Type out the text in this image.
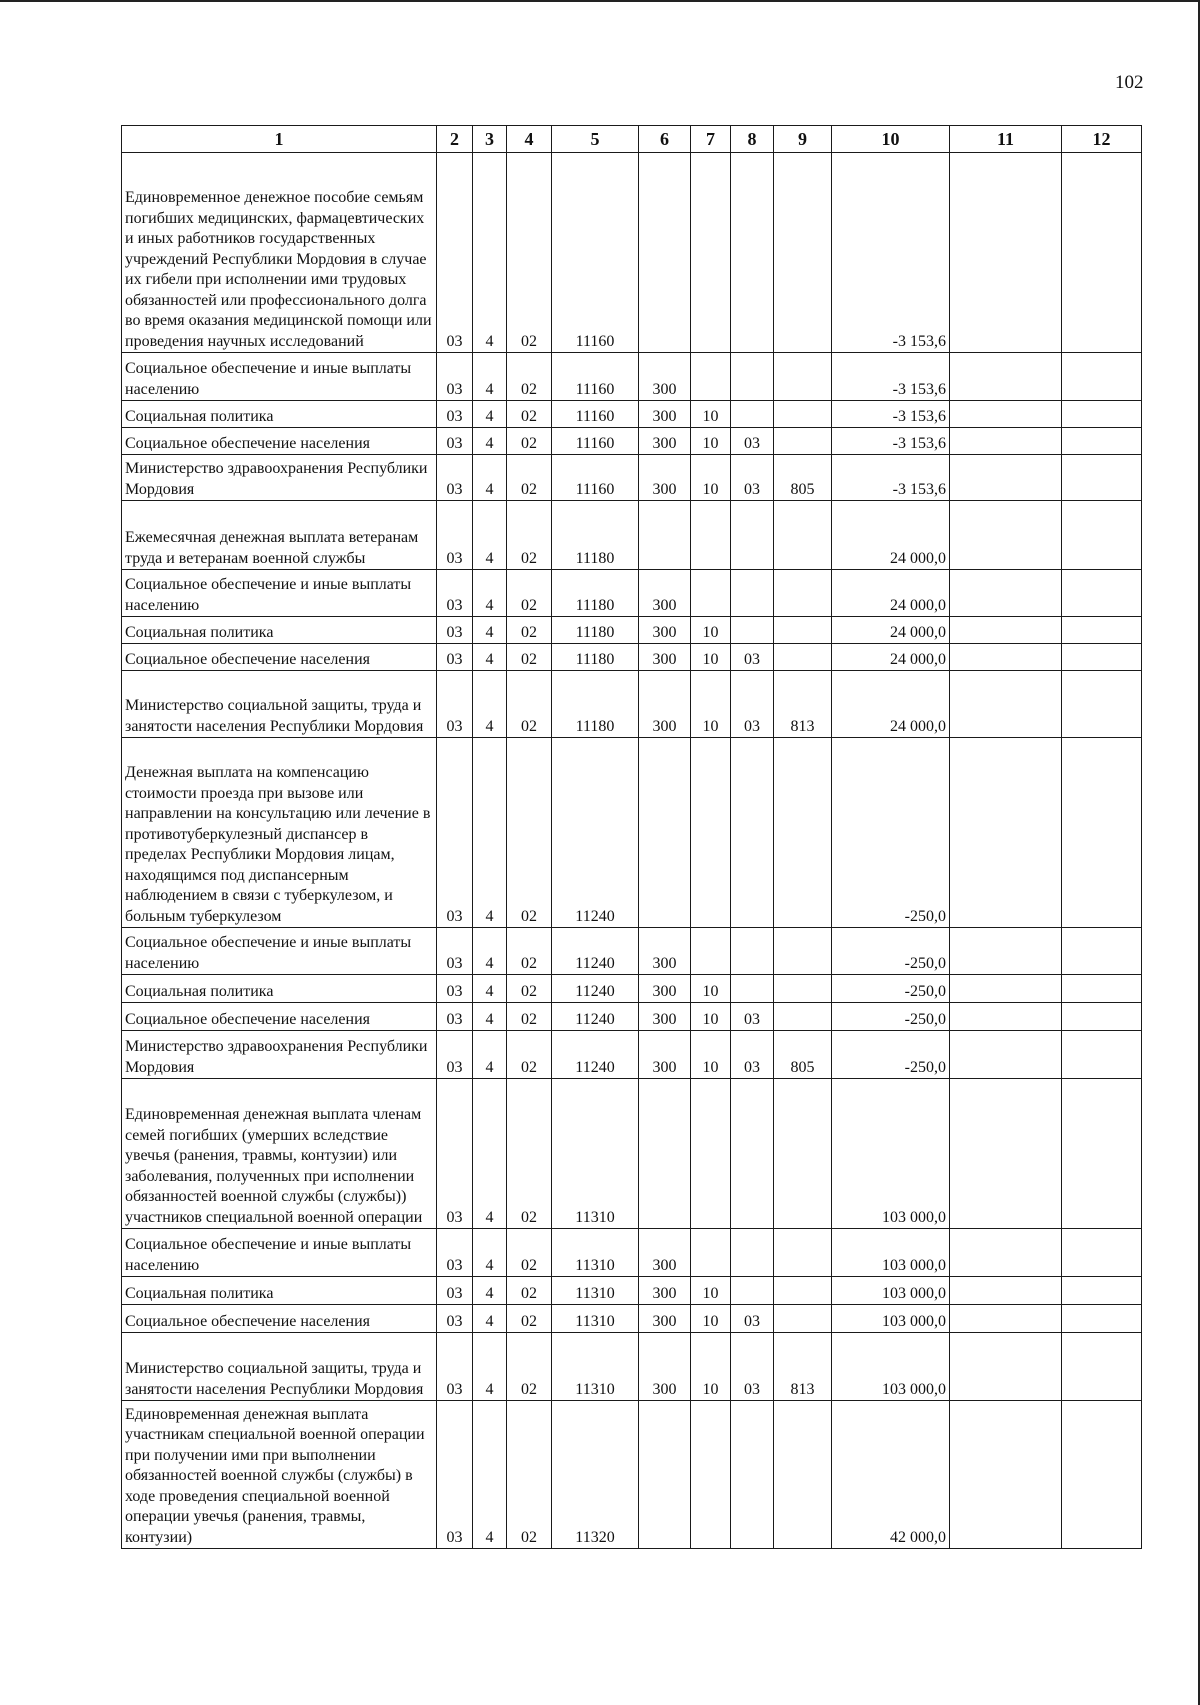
102
1	2	3	4	5	6	7	8	9	10	11	12
Единовременное денежное пособие семьям погибших медицинских, фармацевтических и иных работников государственных учреждений Республики Мордовия в случае их гибели при исполнении ими трудовых обязанностей или профессионального долга во время оказания медицинской помощи или проведения научных исследований	03	4	02	11160					-3 153,6		
Социальное обеспечение и иные выплаты населению	03	4	02	11160	300				-3 153,6		
Социальная политика	03	4	02	11160	300	10			-3 153,6		
Социальное обеспечение населения	03	4	02	11160	300	10	03		-3 153,6		
Министерство здравоохранения Республики Мордовия	03	4	02	11160	300	10	03	805	-3 153,6		
Ежемесячная денежная выплата ветеранам труда и ветеранам военной службы	03	4	02	11180					24 000,0		
Социальное обеспечение и иные выплаты населению	03	4	02	11180	300				24 000,0		
Социальная политика	03	4	02	11180	300	10			24 000,0		
Социальное обеспечение населения	03	4	02	11180	300	10	03		24 000,0		
Министерство социальной защиты, труда и занятости населения Республики Мордовия	03	4	02	11180	300	10	03	813	24 000,0		
Денежная выплата на компенсацию стоимости проезда при вызове или направлении на консультацию или лечение в противотуберкулезный диспансер в пределах Республики Мордовия лицам, находящимся под диспансерным наблюдением в связи с туберкулезом, и больным туберкулезом	03	4	02	11240					-250,0		
Социальное обеспечение и иные выплаты населению	03	4	02	11240	300				-250,0		
Социальная политика	03	4	02	11240	300	10			-250,0		
Социальное обеспечение населения	03	4	02	11240	300	10	03		-250,0		
Министерство здравоохранения Республики Мордовия	03	4	02	11240	300	10	03	805	-250,0		
Единовременная денежная выплата членам семей погибших (умерших вследствие увечья (ранения, травмы, контузии) или заболевания, полученных при исполнении обязанностей военной службы (службы)) участников специальной военной операции	03	4	02	11310					103 000,0		
Социальное обеспечение и иные выплаты населению	03	4	02	11310	300				103 000,0		
Социальная политика	03	4	02	11310	300	10			103 000,0		
Социальное обеспечение населения	03	4	02	11310	300	10	03		103 000,0		
Министерство социальной защиты, труда и занятости населения Республики Мордовия	03	4	02	11310	300	10	03	813	103 000,0		
Единовременная денежная выплата участникам специальной военной операции при получении ими при выполнении обязанностей военной службы (службы) в ходе проведения специальной военной операции увечья (ранения, травмы, контузии)	03	4	02	11320					42 000,0		
